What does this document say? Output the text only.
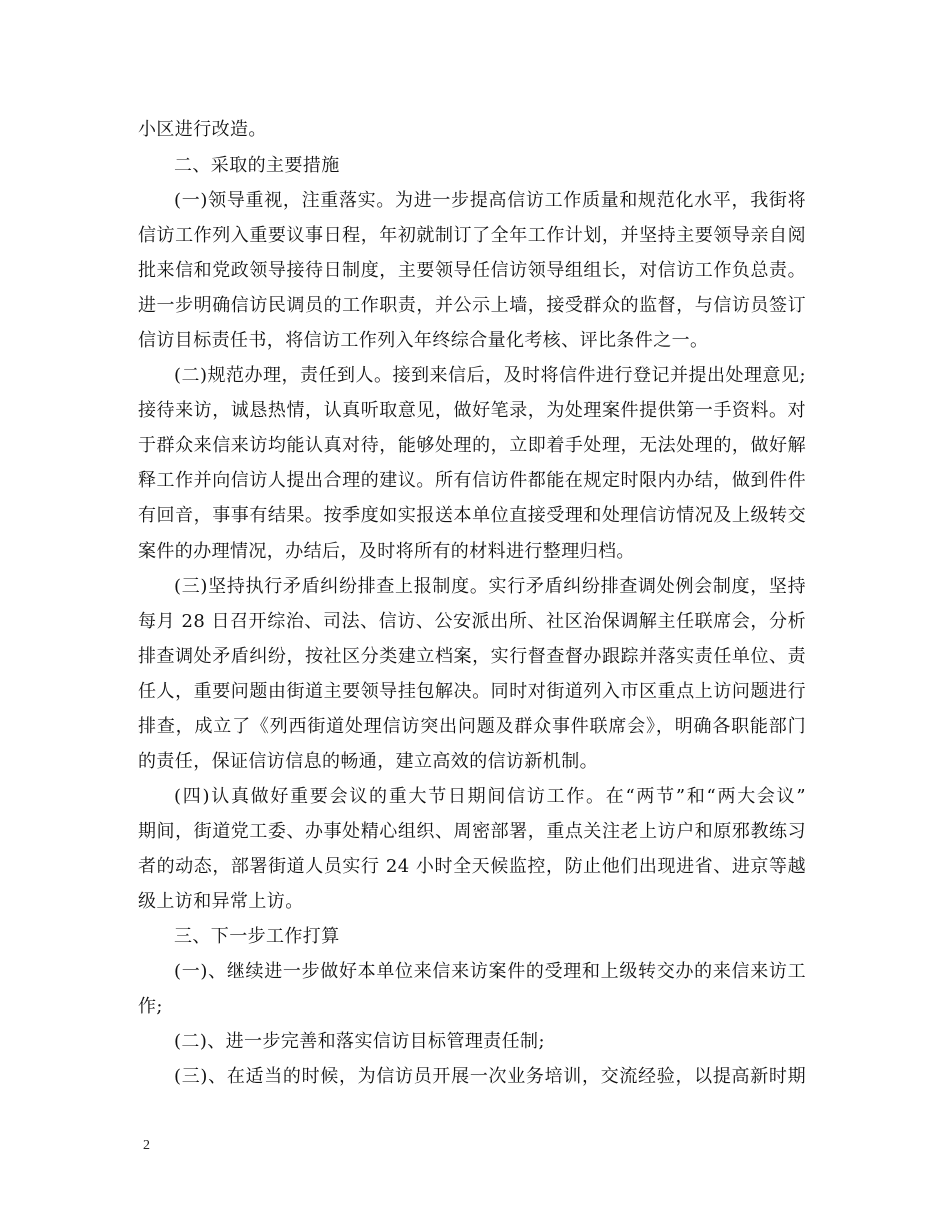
小区进行改造。
二、采取的主要措施
(一)领导重视，注重落实。为进一步提高信访工作质量和规范化水平，我街将
信访工作列入重要议事日程，年初就制订了全年工作计划，并坚持主要领导亲自阅
批来信和党政领导接待日制度，主要领导任信访领导组组长，对信访工作负总责。
进一步明确信访民调员的工作职责，并公示上墙，接受群众的监督，与信访员签订
信访目标责任书，将信访工作列入年终综合量化考核、评比条件之一。
(二)规范办理，责任到人。接到来信后，及时将信件进行登记并提出处理意见;
接待来访，诚恳热情，认真听取意见，做好笔录，为处理案件提供第一手资料。对
于群众来信来访均能认真对待，能够处理的，立即着手处理，无法处理的，做好解
释工作并向信访人提出合理的建议。所有信访件都能在规定时限内办结，做到件件
有回音，事事有结果。按季度如实报送本单位直接受理和处理信访情况及上级转交
案件的办理情况，办结后，及时将所有的材料进行整理归档。
(三)坚持执行矛盾纠纷排查上报制度。实行矛盾纠纷排查调处例会制度，坚持
每月 28 日召开综治、司法、信访、公安派出所、社区治保调解主任联席会，分析
排查调处矛盾纠纷，按社区分类建立档案，实行督查督办跟踪并落实责任单位、责
任人，重要问题由街道主要领导挂包解决。同时对街道列入市区重点上访问题进行
排查，成立了《列西街道处理信访突出问题及群众事件联席会》，明确各职能部门
的责任，保证信访信息的畅通，建立高效的信访新机制。
(四)认真做好重要会议的重大节日期间信访工作。在“两节”和“两大会议”
期间，街道党工委、办事处精心组织、周密部署，重点关注老上访户和原邪教练习
者的动态，部署街道人员实行 24 小时全天候监控，防止他们出现进省、进京等越
级上访和异常上访。
三、下一步工作打算
(一)、继续进一步做好本单位来信来访案件的受理和上级转交办的来信来访工
作;
(二)、进一步完善和落实信访目标管理责任制;
(三)、在适当的时候，为信访员开展一次业务培训，交流经验，以提高新时期
2
